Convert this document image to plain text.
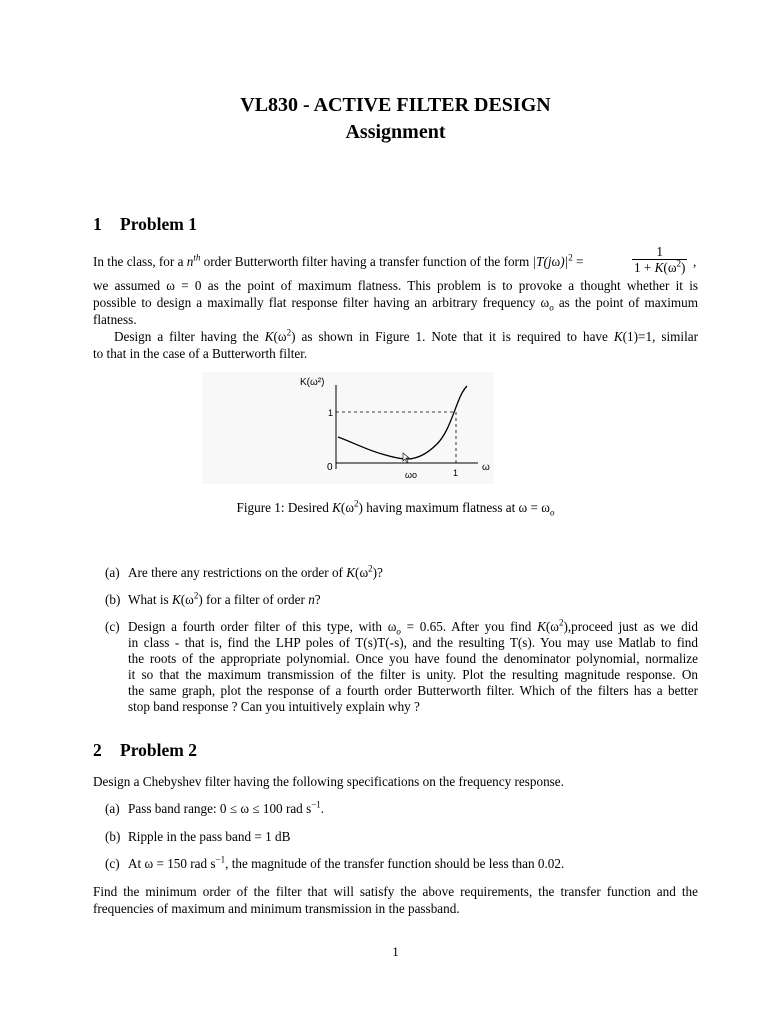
VL830 - ACTIVE FILTER DESIGN
Assignment
1 Problem 1
In the class, for a $n^{th}$ order Butterworth filter having a transfer function of the form $|T(j\omega)|^2$ =	$\frac{1}{1 + K(\omega^2)}$ ,
we assumed ω = 0 as the point of maximum flatness. This problem is to provoke a thought whether it is
possible to design a maximally flat response filter having an arbitrary frequency $\omega_o$ as the point of maximum
flatness.
Design a filter having the $K(\omega^2)$ as shown in Figure 1. Note that it is required to have K(1)=1, similar
to that in the case of a Butterworth filter.
K(ω²)
1
0
ωo	1 ω
Figure 1: Desired $K(\omega^2)$ having maximum flatness at $\omega = \omega_o$
(a) Are there any restrictions on the order of $K(\omega^2)$?
(b) What is $K(\omega^2)$ for a filter of order n?
(c) Design a fourth order filter of this type, with $\omega_o = 0.65$. After you find $K(\omega^2),proceed$ just as we did
in class - that is, find the LHP poles of T(s)T(-s), and the resulting T(s). You may use Matlab to find
the roots of the appropriate polynomial. Once you have found the denominator polynomial, normalize
it so that the maximum transmission of the filter is unity. Plot the resulting magnitude response. On
the same graph, plot the response of a fourth order Butterworth filter. Which of the filters has a better
stop band response ? Can you intuitively explain why ?
2 Problem 2
Design a Chebyshev filter having the following specifications on the frequency response.
(a) Pass band range: 0 ≤ ω ≤ 100 rad $s^{-1}$.
(b) Ripple in the pass band = 1 dB
(c) At ω = 150 rad $s^{-1}$, the magnitude of the transfer function should be less than 0.02.
Find the minimum order of the filter that will satisfy the above requirements, the transfer function and the
frequencies of maximum and minimum transmission in the passband.
1
